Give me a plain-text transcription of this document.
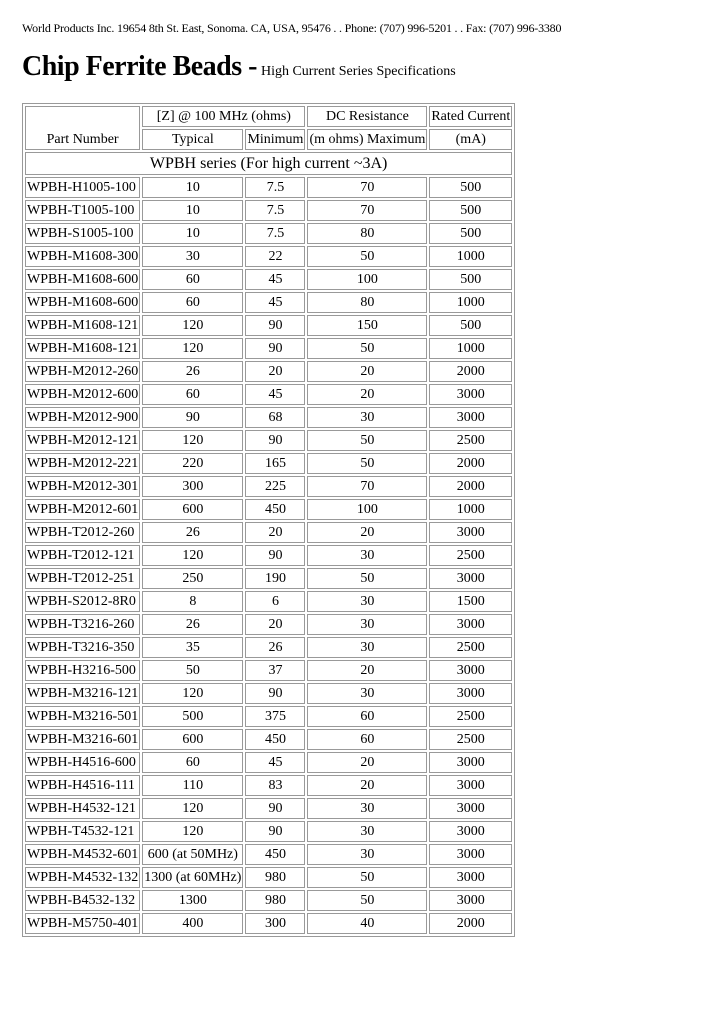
World Products Inc. 19654 8th St. East, Sonoma. CA, USA, 95476 . . Phone: (707) 996-5201 . . Fax: (707) 996-3380
Chip Ferrite Beads - High Current Series Specifications
Part Number	[Z] @ 100 MHz (ohms)		DC Resistance	Rated Current
	Typical	Minimum	(m ohms) Maximum	(mA)
WPBH series (For high current ~3A)				
WPBH-H1005-100	10	7.5	70	500
WPBH-T1005-100	10	7.5	70	500
WPBH-S1005-100	10	7.5	80	500
WPBH-M1608-300	30	22	50	1000
WPBH-M1608-600	60	45	100	500
WPBH-M1608-600	60	45	80	1000
WPBH-M1608-121	120	90	150	500
WPBH-M1608-121	120	90	50	1000
WPBH-M2012-260	26	20	20	2000
WPBH-M2012-600	60	45	20	3000
WPBH-M2012-900	90	68	30	3000
WPBH-M2012-121	120	90	50	2500
WPBH-M2012-221	220	165	50	2000
WPBH-M2012-301	300	225	70	2000
WPBH-M2012-601	600	450	100	1000
WPBH-T2012-260	26	20	20	3000
WPBH-T2012-121	120	90	30	2500
WPBH-T2012-251	250	190	50	3000
WPBH-S2012-8R0	8	6	30	1500
WPBH-T3216-260	26	20	30	3000
WPBH-T3216-350	35	26	30	2500
WPBH-H3216-500	50	37	20	3000
WPBH-M3216-121	120	90	30	3000
WPBH-M3216-501	500	375	60	2500
WPBH-M3216-601	600	450	60	2500
WPBH-H4516-600	60	45	20	3000
WPBH-H4516-111	110	83	20	3000
WPBH-H4532-121	120	90	30	3000
WPBH-T4532-121	120	90	30	3000
WPBH-M4532-601	600 (at 50MHz)	450	30	3000
WPBH-M4532-132	1300 (at 60MHz)	980	50	3000
WPBH-B4532-132	1300	980	50	3000
WPBH-M5750-401	400	300	40	2000
